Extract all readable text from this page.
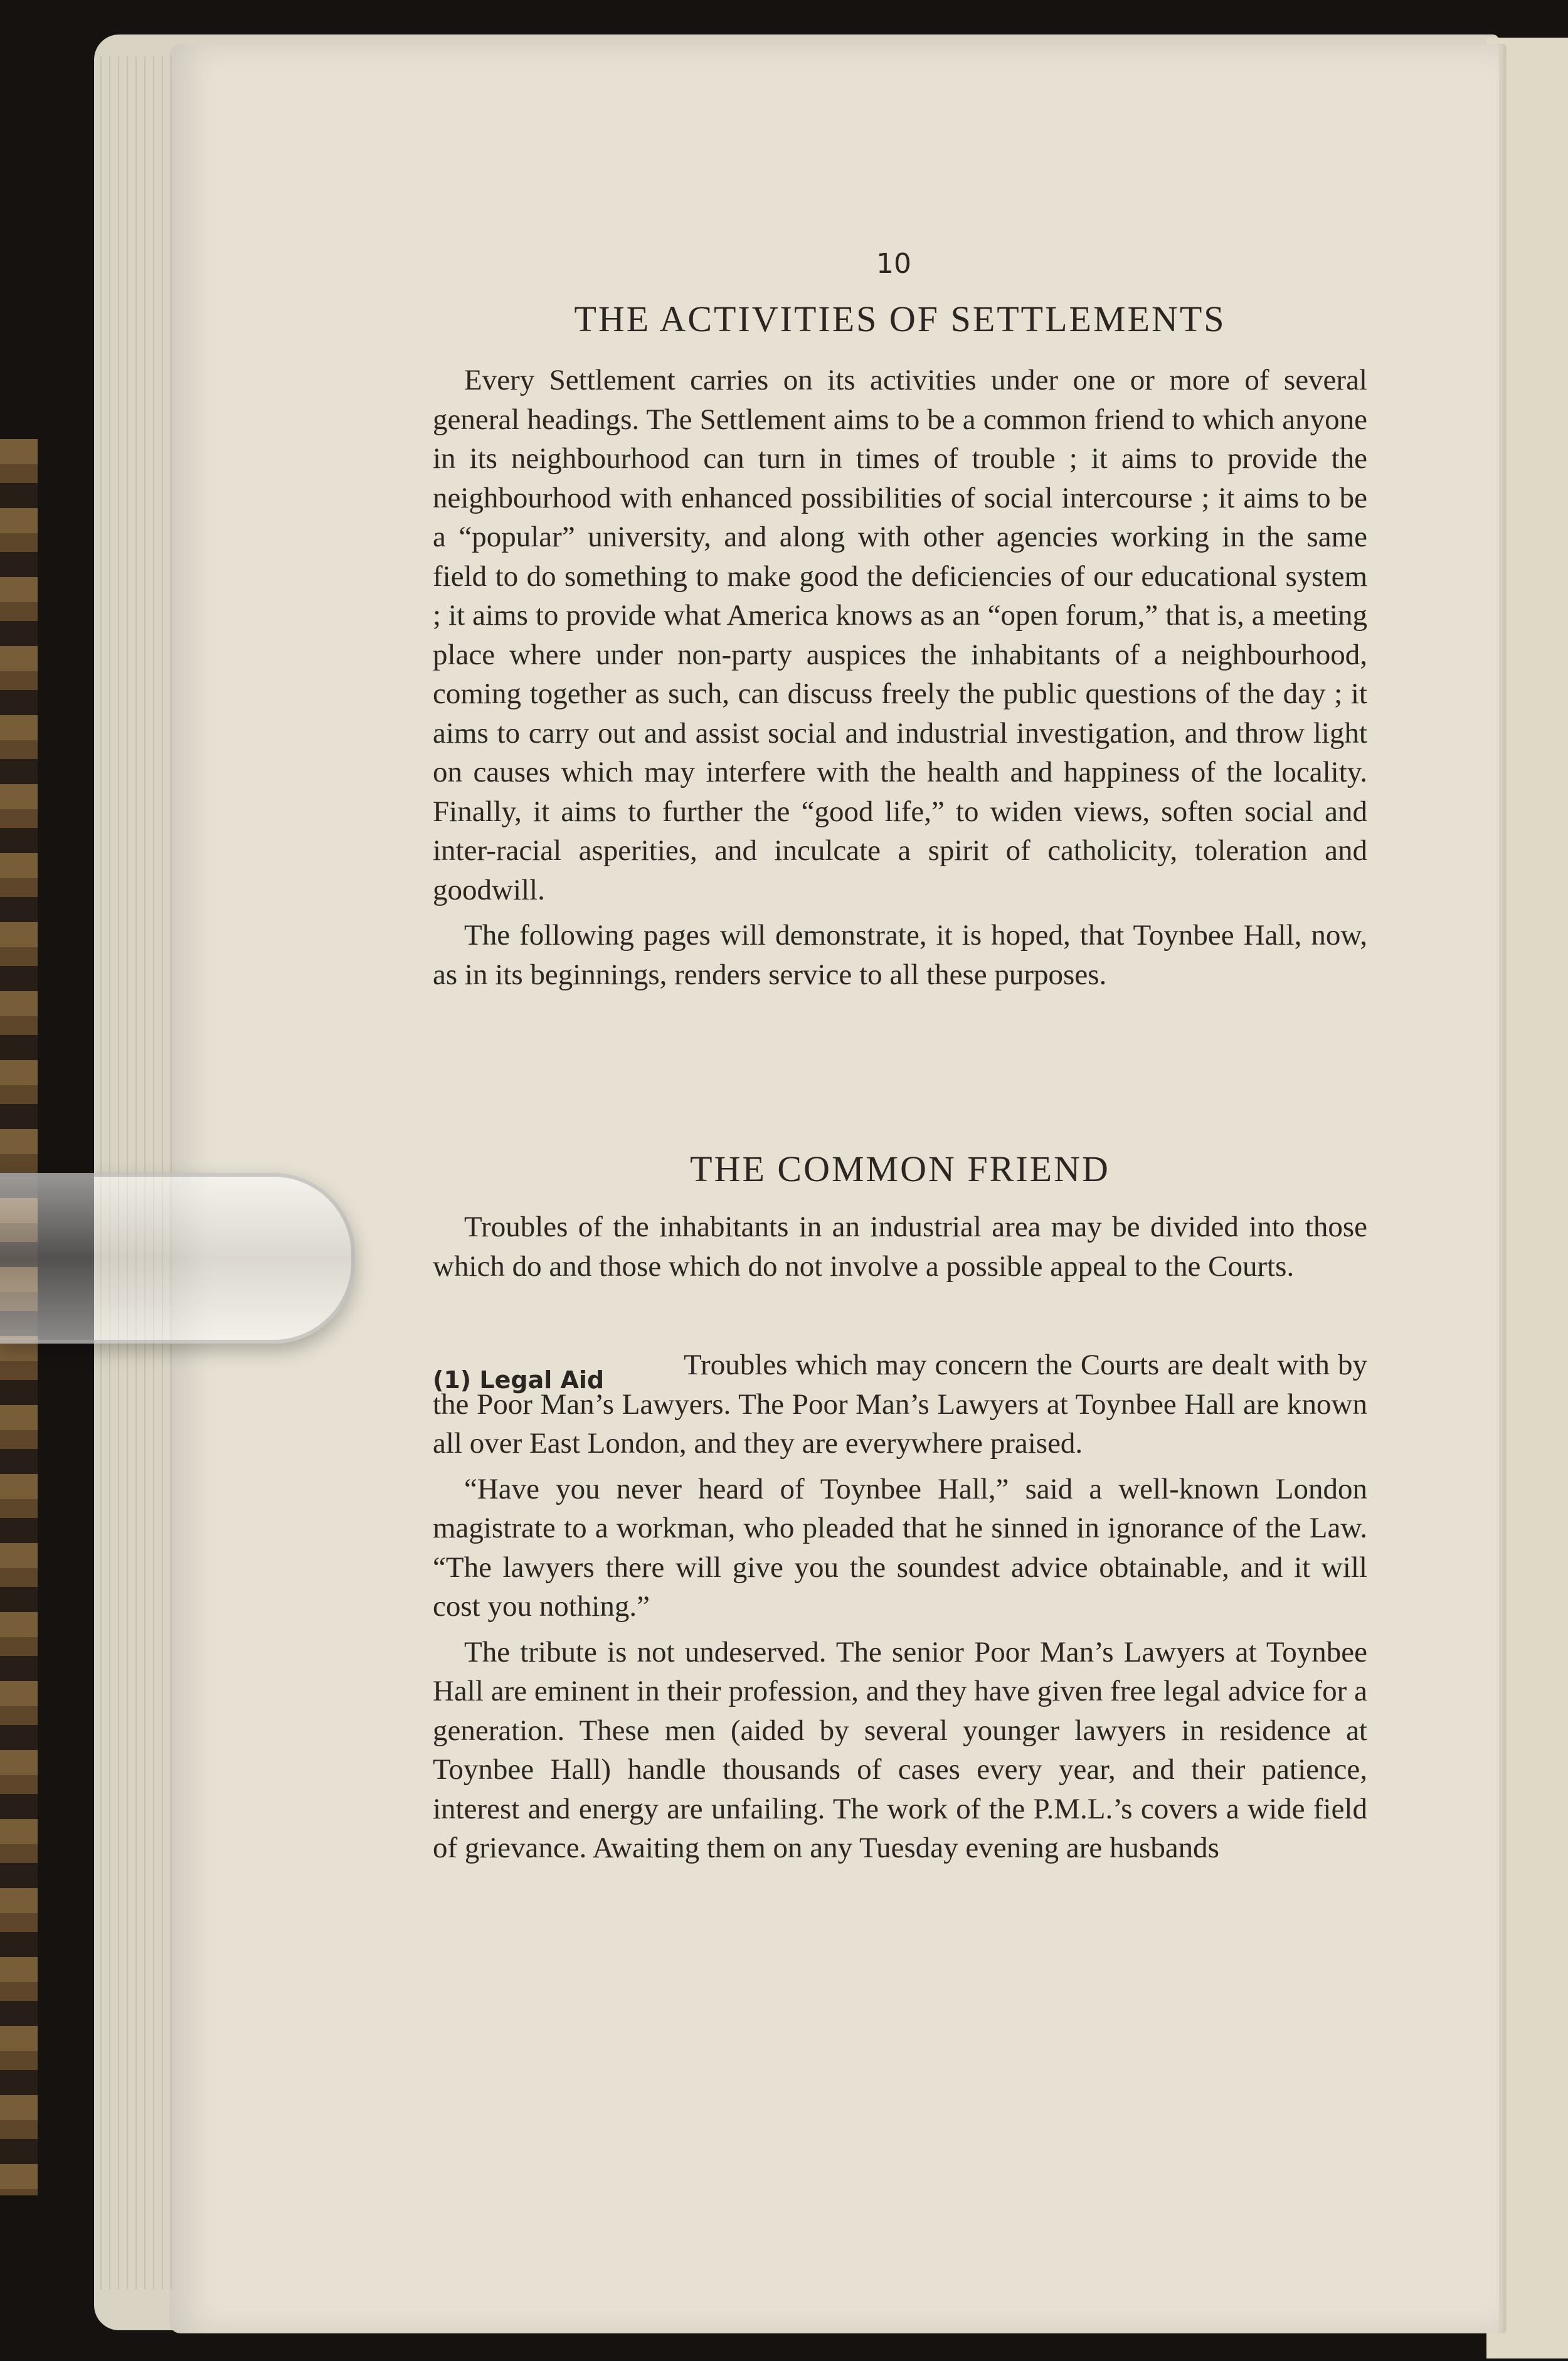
10
THE ACTIVITIES OF SETTLEMENTS

Every Settlement carries on its activities under one or more of several general headings. The Settlement aims to be a common friend to which anyone in its neighbourhood can turn in times of trouble ; it aims to provide the neighbourhood with enhanced possibilities of social intercourse ; it aims to be a “popular” university, and along with other agencies working in the same field to do something to make good the deficiencies of our educational system ; it aims to provide what America knows as an “open forum,” that is, a meeting place where under non-party auspices the inhabitants of a neighbourhood, coming together as such, can discuss freely the public questions of the day ; it aims to carry out and assist social and industrial investigation, and throw light on causes which may interfere with the health and happiness of the locality. Finally, it aims to further the “good life,” to widen views, soften social and inter-racial asperities, and inculcate a spirit of catholicity, toleration and goodwill.

The following pages will demonstrate, it is hoped, that Toynbee Hall, now, as in its beginnings, renders service to all these purposes.

THE COMMON FRIEND

Troubles of the inhabitants in an industrial area may be divided into those which do and those which do not involve a possible appeal to the Courts.

(1) Legal Aid	Troubles which may concern the Courts are dealt with by the Poor Man’s Lawyers. The Poor Man’s Lawyers at Toynbee Hall are known all over East London, and they are everywhere praised.

“Have you never heard of Toynbee Hall,” said a well-known London magistrate to a workman, who pleaded that he sinned in ignorance of the Law. “The lawyers there will give you the soundest advice obtainable, and it will cost you nothing.”

The tribute is not undeserved. The senior Poor Man’s Lawyers at Toynbee Hall are eminent in their profession, and they have given free legal advice for a generation. These men (aided by several younger lawyers in residence at Toynbee Hall) handle thousands of cases every year, and their patience, interest and energy are unfailing. The work of the P.M.L.’s covers a wide field of grievance. Awaiting them on any Tuesday evening are husbands
